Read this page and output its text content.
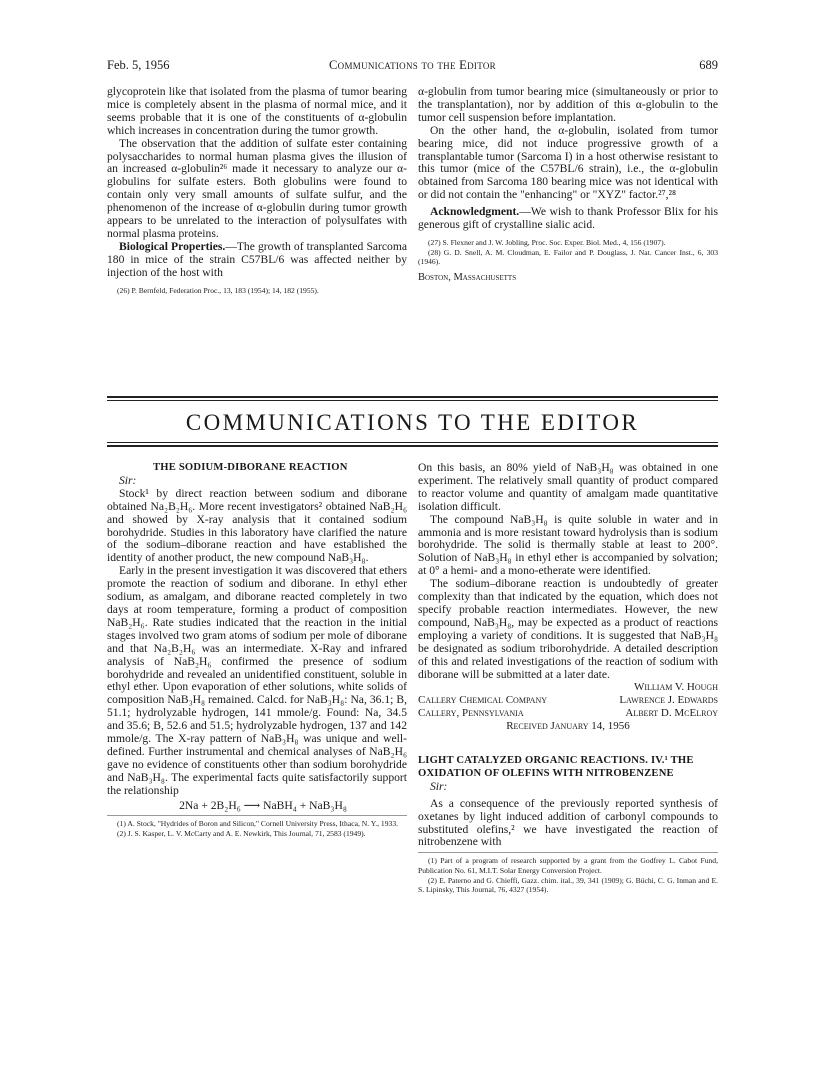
Feb. 5, 1956	Communications to the Editor	689

glycoprotein like that isolated from the plasma of tumor bearing mice is completely absent in the plasma of normal mice, and it seems probable that it is one of the constituents of α-globulin which increases in concentration during the tumor growth.

The observation that the addition of sulfate ester containing polysaccharides to normal human plasma gives the illusion of an increased α-globulin²⁶ made it necessary to analyze our α-globulins for sulfate esters. Both globulins were found to contain only very small amounts of sulfate sulfur, and the phenomenon of the increase of α-globulin during tumor growth appears to be unrelated to the interaction of polysulfates with normal plasma proteins.

Biological Properties.—The growth of transplanted Sarcoma 180 in mice of the strain C57BL/6 was affected neither by injection of the host with

(26) P. Bernfeld, Federation Proc., 13, 183 (1954); 14, 182 (1955).

α-globulin from tumor bearing mice (simultaneously or prior to the transplantation), nor by addition of this α-globulin to the tumor cell suspension before implantation.

On the other hand, the α-globulin, isolated from tumor bearing mice, did not induce progressive growth of a transplantable tumor (Sarcoma I) in a host otherwise resistant to this tumor (mice of the C57BL/6 strain), i.e., the α-globulin obtained from Sarcoma 180 bearing mice was not identical with or did not contain the "enhancing" or "XYZ" factor.²⁷,²⁸

Acknowledgment.—We wish to thank Professor Blix for his generous gift of crystalline sialic acid.

(27) S. Flexner and J. W. Jobling, Proc. Soc. Exper. Biol. Med., 4, 156 (1907).

(28) G. D. Snell, A. M. Cloudman, E. Failor and P. Douglass, J. Nat. Cancer Inst., 6, 303 (1946).

Boston, Massachusetts
COMMUNICATIONS TO THE EDITOR
THE SODIUM-DIBORANE REACTION

Sir:

Stock¹ by direct reaction between sodium and diborane obtained Na₂B₂H₆. More recent investigators² obtained NaB₂H₆ and showed by X-ray analysis that it contained sodium borohydride. Studies in this laboratory have clarified the nature of the sodium–diborane reaction and have established the identity of another product, the new compound NaB₃H₈.

Early in the present investigation it was discovered that ethers promote the reaction of sodium and diborane. In ethyl ether sodium, as amalgam, and diborane reacted completely in two days at room temperature, forming a product of composition NaB₂H₆. Rate studies indicated that the reaction in the initial stages involved two gram atoms of sodium per mole of diborane and that Na₂B₂H₆ was an intermediate. X-Ray and infrared analysis of NaB₂H₆ confirmed the presence of sodium borohydride and revealed an unidentified constituent, soluble in ethyl ether. Upon evaporation of ether solutions, white solids of composition NaB₃H₈ remained. Calcd. for NaB₃H₈: Na, 36.1; B, 51.1; hydrolyzable hydrogen, 141 mmole/g. Found: Na, 34.5 and 35.6; B, 52.6 and 51.5; hydrolyzable hydrogen, 137 and 142 mmole/g. The X-ray pattern of NaB₃H₈ was unique and well-defined. Further instrumental and chemical analyses of NaB₂H₆ gave no evidence of constituents other than sodium borohydride and NaB₃H₈. The experimental facts quite satisfactorily support the relationship

2Na + 2B₂H₆ ⟶ NaBH₄ + NaB₃H₈

(1) A. Stock, "Hydrides of Boron and Silicon," Cornell University Press, Ithaca, N. Y., 1933.

(2) J. S. Kasper, L. V. McCarty and A. E. Newkirk, This Journal, 71, 2583 (1949).

On this basis, an 80% yield of NaB₃H₈ was obtained in one experiment. The relatively small quantity of product compared to reactor volume and quantity of amalgam made quantitative isolation difficult.

The compound NaB₃H₈ is quite soluble in water and in ammonia and is more resistant toward hydrolysis than is sodium borohydride. The solid is thermally stable at least to 200°. Solution of NaB₃H₈ in ethyl ether is accompanied by solvation; at 0° a hemi- and a mono-etherate were identified.

The sodium–diborane reaction is undoubtedly of greater complexity than that indicated by the equation, which does not specify probable reaction intermediates. However, the new compound, NaB₃H₈, may be expected as a product of reactions employing a variety of conditions. It is suggested that NaB₃H₈ be designated as sodium triborohydride. A detailed description of this and related investigations of the reaction of sodium with diborane will be submitted at a later date.

William V. Hough
Callery Chemical Company	Lawrence J. Edwards
Callery, Pennsylvania	Albert D. McElroy
Received January 14, 1956
LIGHT CATALYZED ORGANIC REACTIONS. IV.¹ THE OXIDATION OF OLEFINS WITH NITROBENZENE

Sir:

As a consequence of the previously reported synthesis of oxetanes by light induced addition of carbonyl compounds to substituted olefins,² we have investigated the reaction of nitrobenzene with

(1) Part of a program of research supported by a grant from the Godfrey L. Cabot Fund, Publication No. 61, M.I.T. Solar Energy Conversion Project.

(2) E. Paterno and G. Chieffi, Gazz. chim. ital., 39, 341 (1909); G. Büchi, C. G. Inman and E. S. Lipinsky, This Journal, 76, 4327 (1954).
